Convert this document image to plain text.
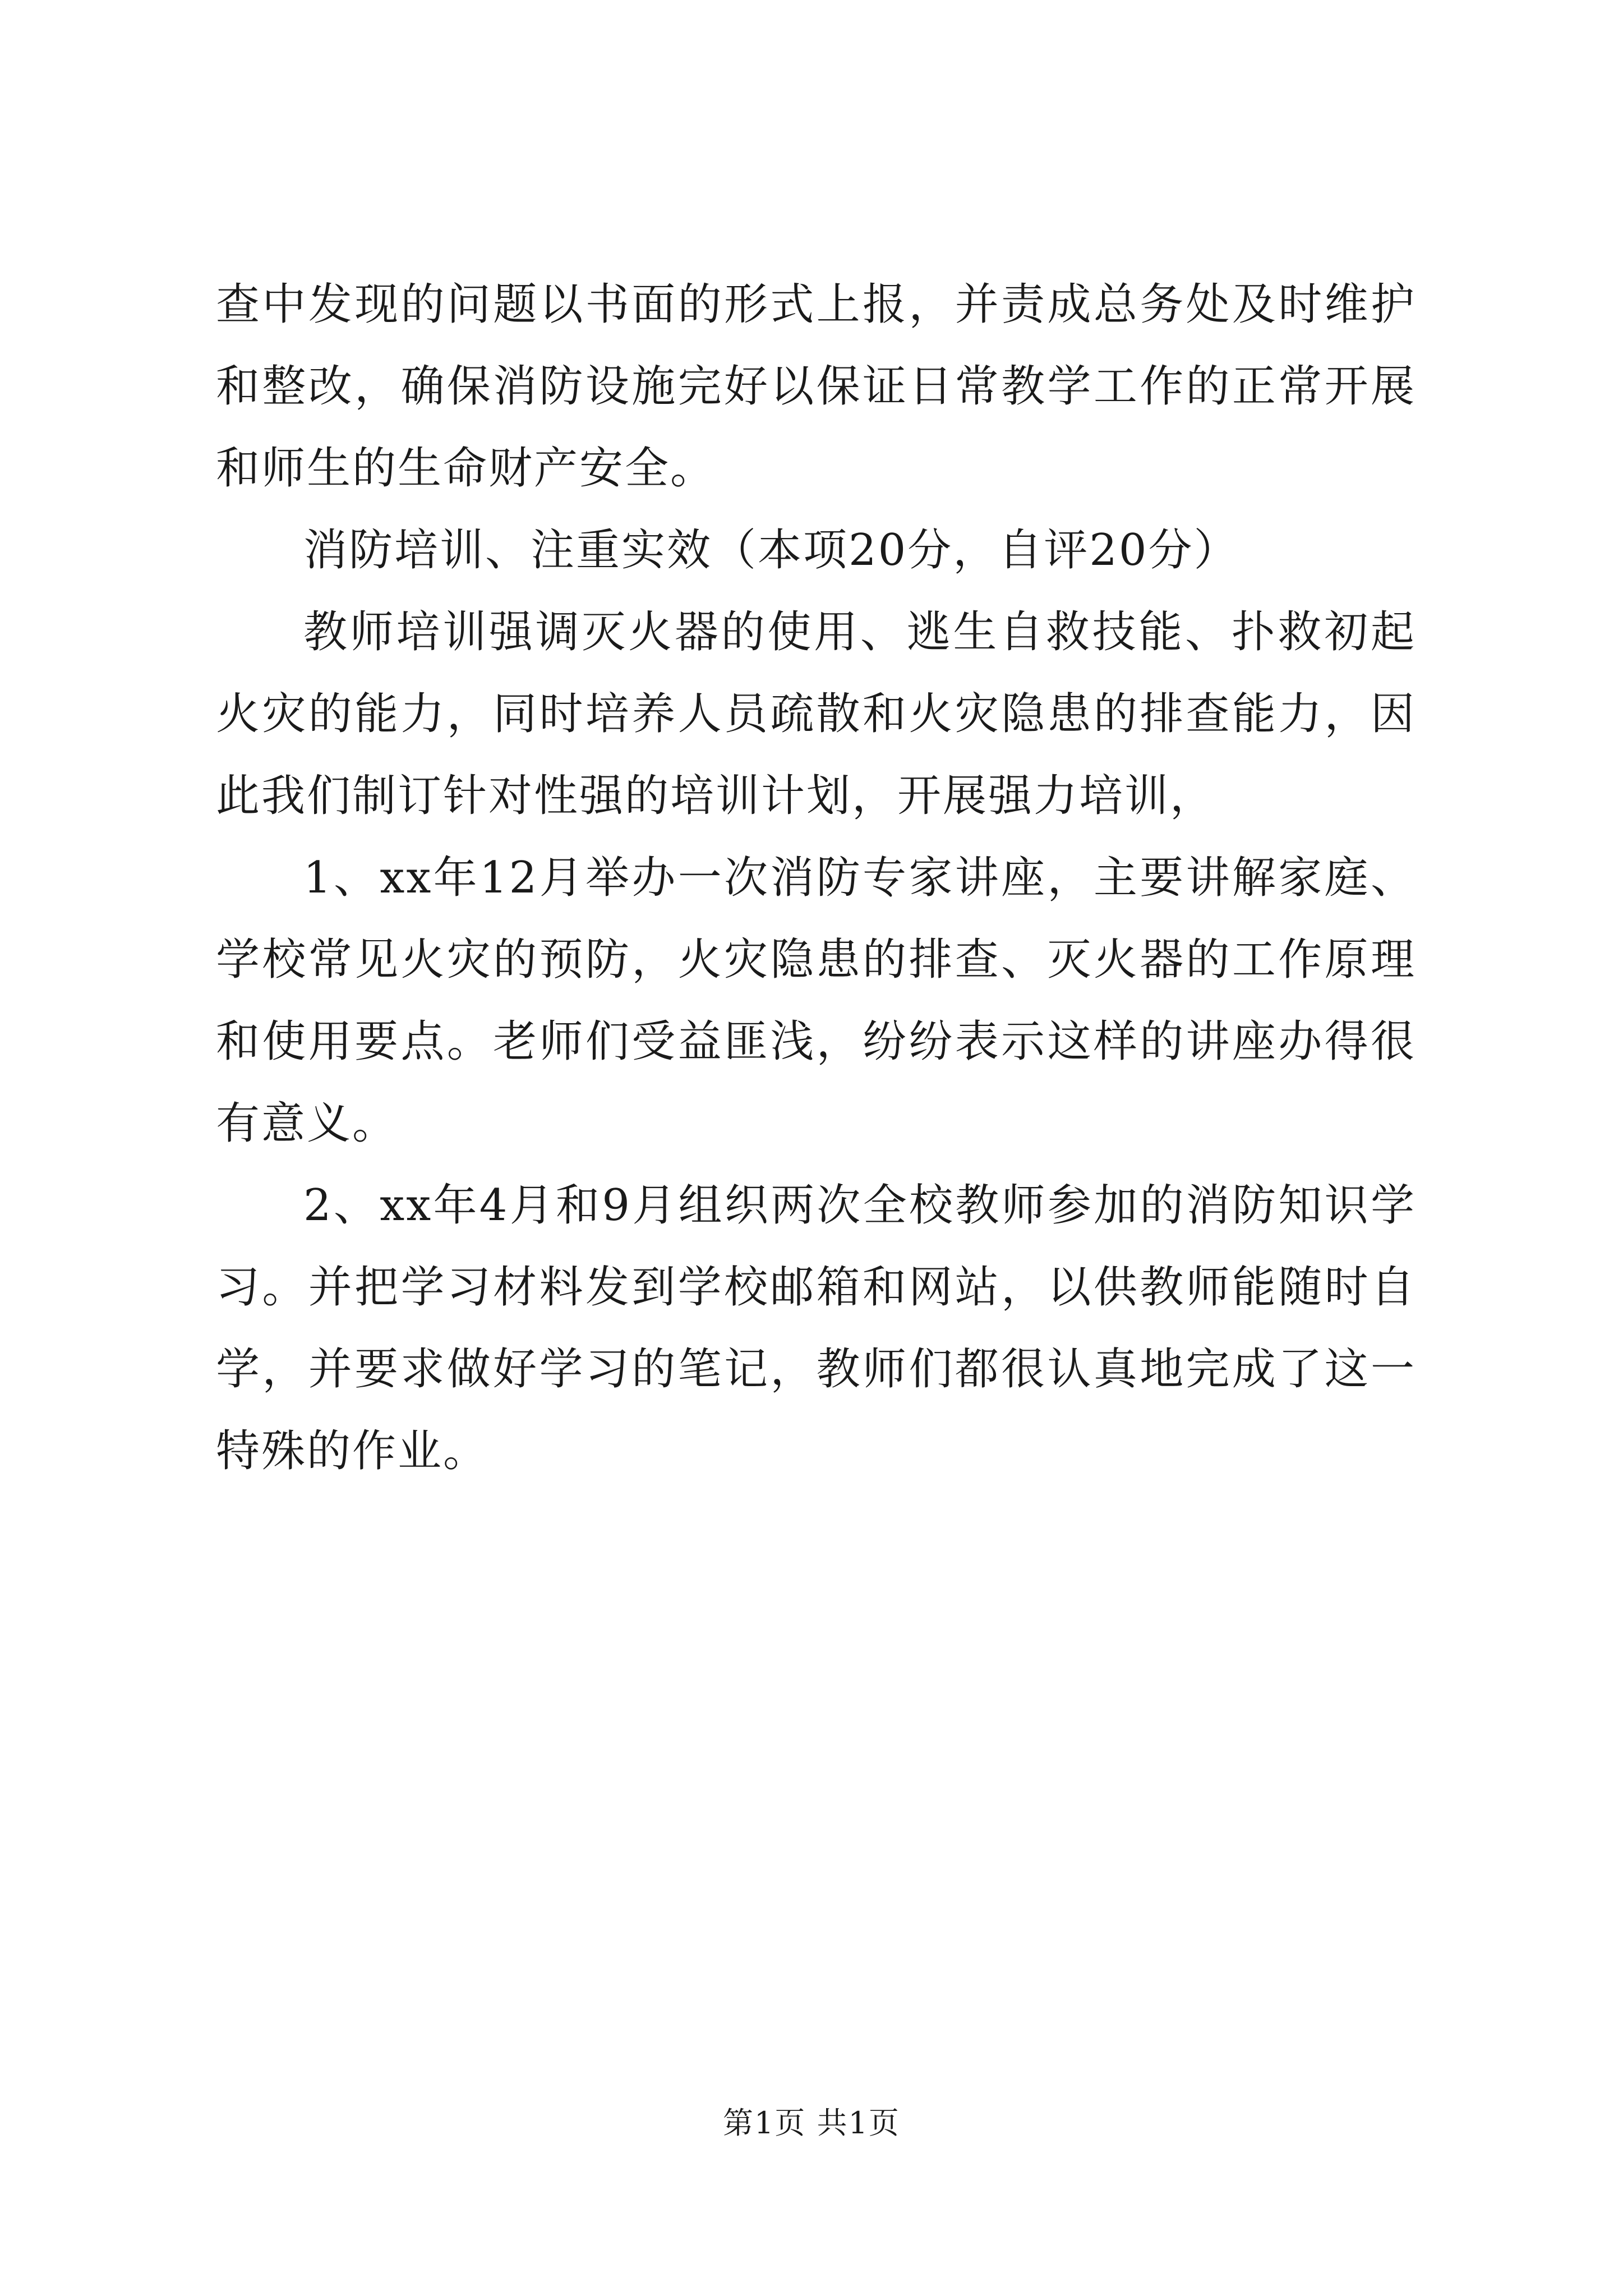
查中发现的问题以书面的形式上报，并责成总务处及时维护和整改，确保消防设施完好以保证日常教学工作的正常开展和师生的生命财产安全。

消防培训、注重实效（本项20分，自评20分）

教师培训强调灭火器的使用、逃生自救技能、扑救初起火灾的能力，同时培养人员疏散和火灾隐患的排查能力，因此我们制订针对性强的培训计划，开展强力培训，

1、xx年12月举办一次消防专家讲座，主要讲解家庭、学校常见火灾的预防，火灾隐患的排查、灭火器的工作原理和使用要点。老师们受益匪浅，纷纷表示这样的讲座办得很有意义。

2、xx年4月和9月组织两次全校教师参加的消防知识学习。并把学习材料发到学校邮箱和网站，以供教师能随时自学，并要求做好学习的笔记，教师们都很认真地完成了这一特殊的作业。

第1页 共1页
